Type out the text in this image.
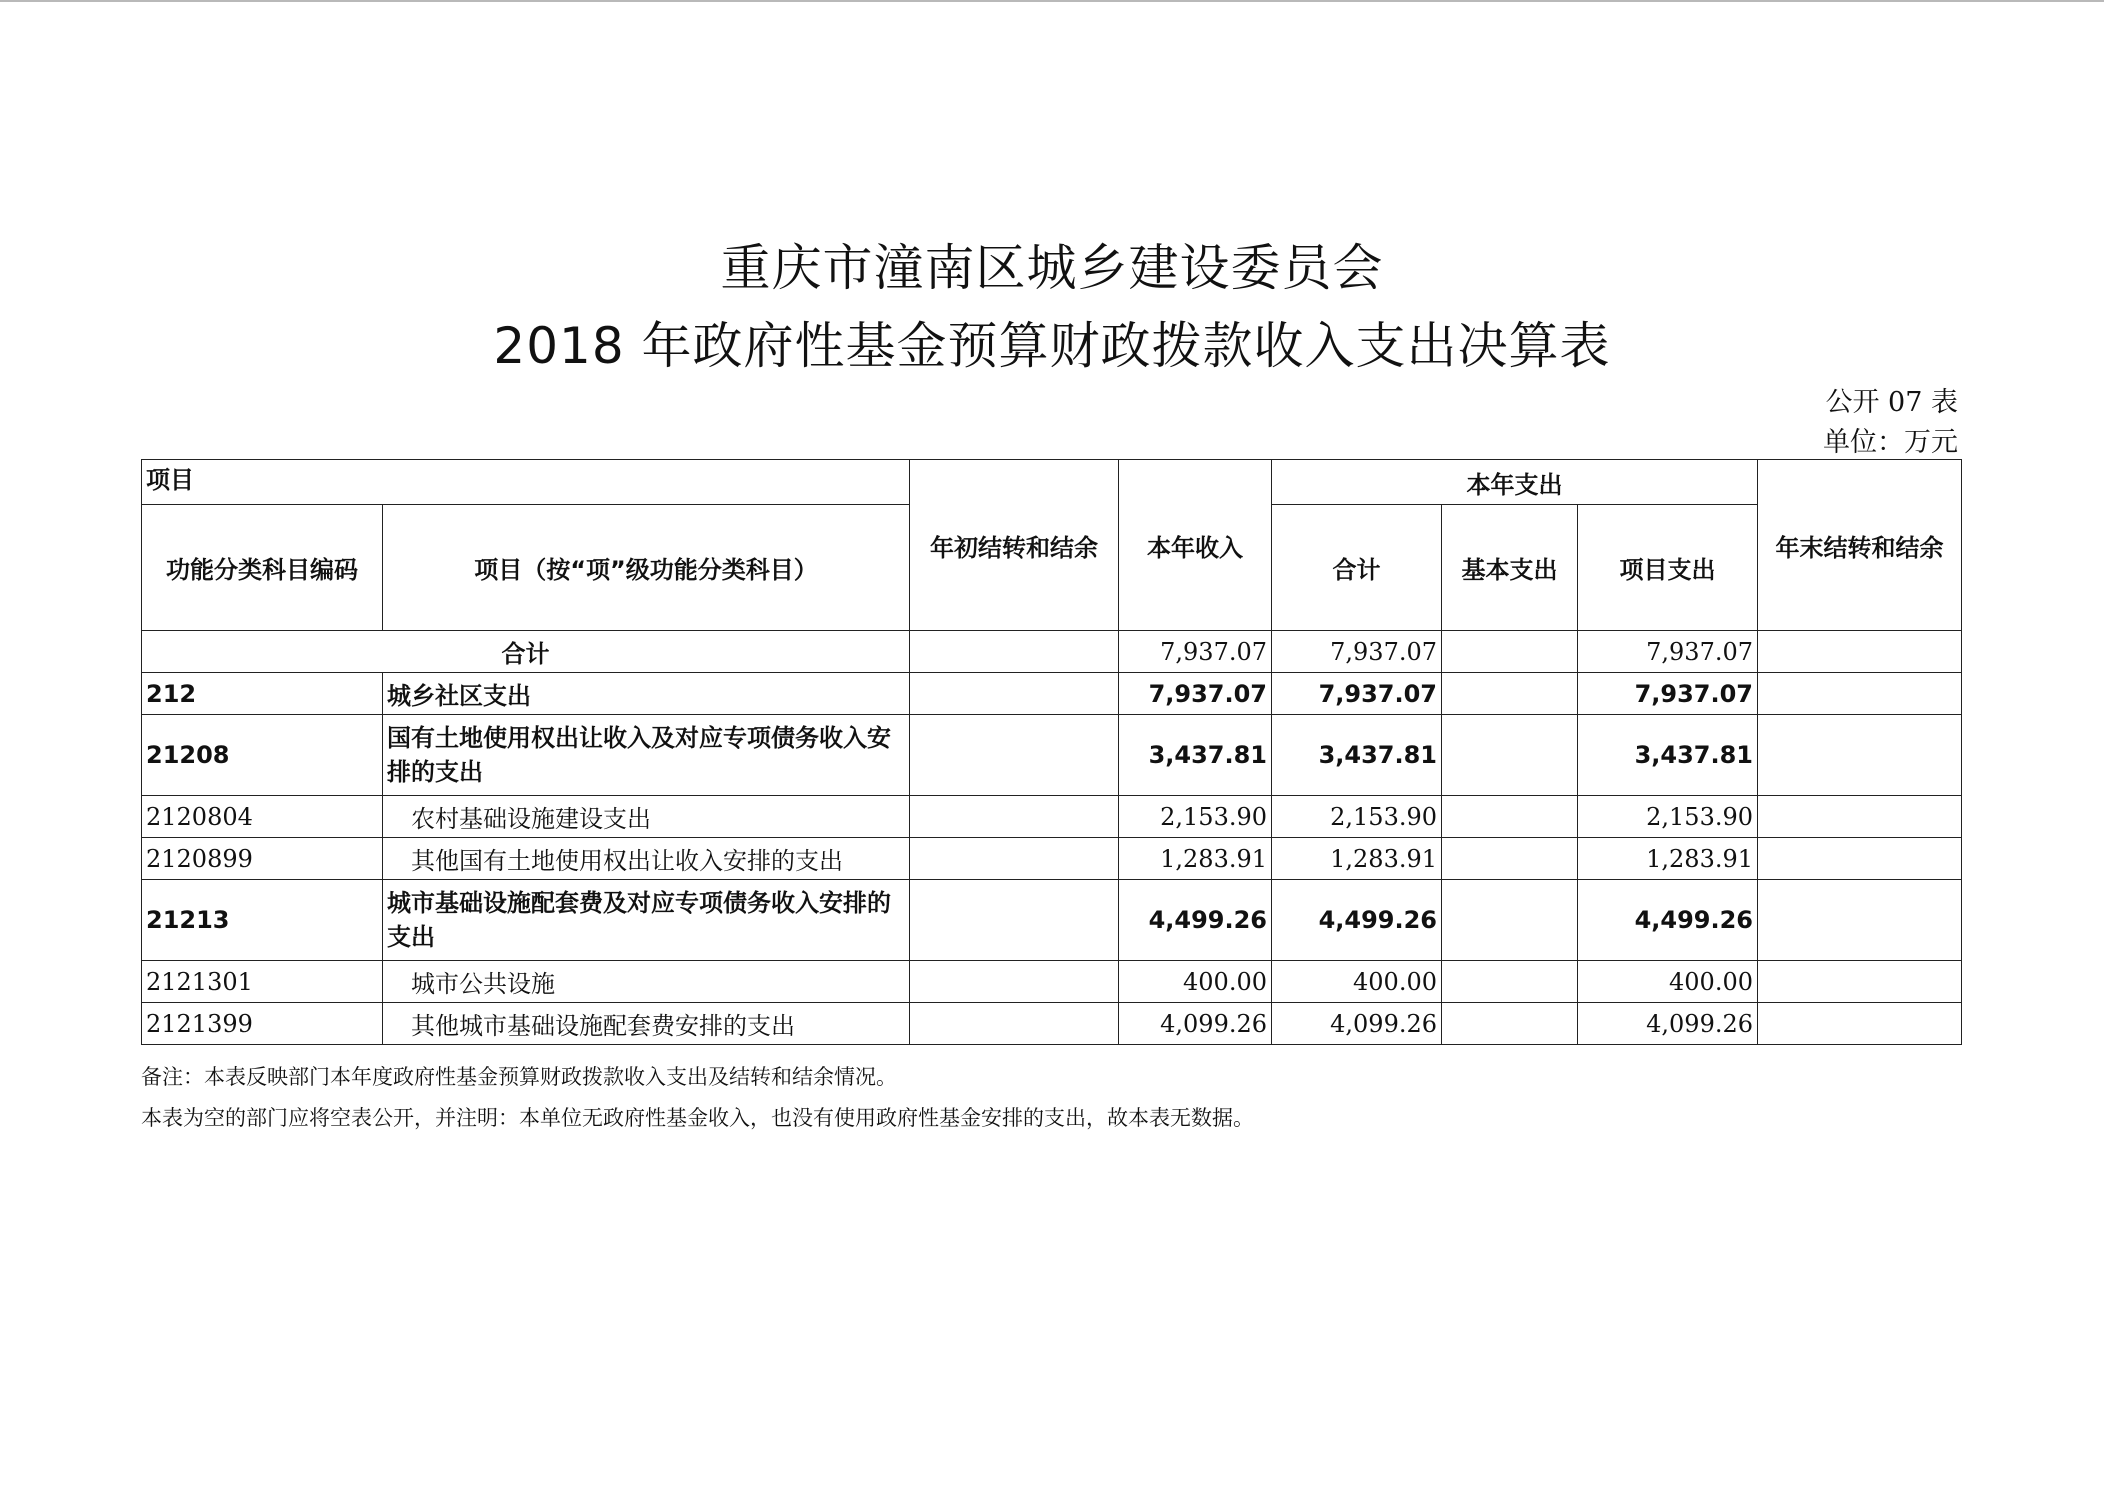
重庆市潼南区城乡建设委员会
2018 年政府性基金预算财政拨款收入支出决算表
公开 07 表
单位：万元
项目		年初结转和结余	本年收入	本年支出			年末结转和结余
功能分类科目编码	项目（按“项”级功能分类科目）			合计	基本支出	项目支出	
合计			7,937.07	7,937.07		7,937.07	
212	城乡社区支出		7,937.07	7,937.07		7,937.07	
21208	国有土地使用权出让收入及对应专项债务收入安排的支出		3,437.81	3,437.81		3,437.81	
2120804	农村基础设施建设支出		2,153.90	2,153.90		2,153.90	
2120899	其他国有土地使用权出让收入安排的支出		1,283.91	1,283.91		1,283.91	
21213	城市基础设施配套费及对应专项债务收入安排的支出		4,499.26	4,499.26		4,499.26	
2121301	城市公共设施		400.00	400.00		400.00	
2121399	其他城市基础设施配套费安排的支出		4,099.26	4,099.26		4,099.26	
备注：本表反映部门本年度政府性基金预算财政拨款收入支出及结转和结余情况。
本表为空的部门应将空表公开，并注明：本单位无政府性基金收入，也没有使用政府性基金安排的支出，故本表无数据。
